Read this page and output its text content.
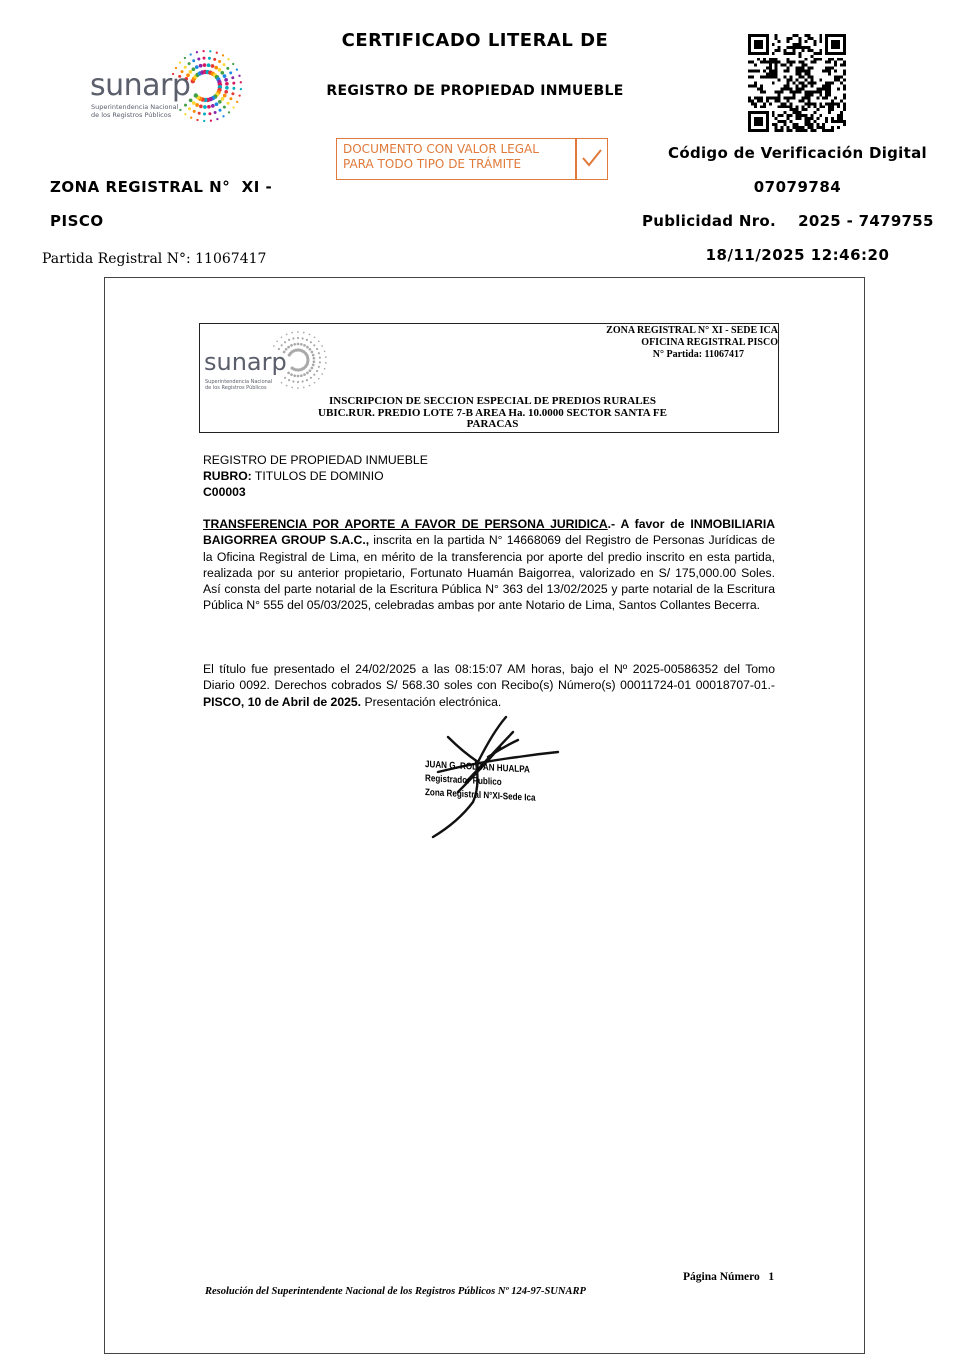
sunarp
Superintendencia Nacional
de los Registros Públicos
CERTIFICADO LITERAL DE
REGISTRO DE PROPIEDAD INMUEBLE
DOCUMENTO CON VALOR LEGAL
PARA TODO TIPO DE TRÁMITE
Código de Verificación Digital
07079784
Publicidad Nro. 2025 - 7479755
18/11/2025 12:46:20
ZONA REGISTRAL N°  XI -
PISCO
Partida Registral N°: 11067417
sunarp
Superintendencia Nacional
de los Registros Públicos
ZONA REGISTRAL N° XI - SEDE ICA
OFICINA REGISTRAL PISCO
N° Partida: 11067417
INSCRIPCION DE SECCION ESPECIAL DE PREDIOS RURALES
UBIC.RUR. PREDIO LOTE 7-B AREA Ha. 10.0000 SECTOR SANTA FE
PARACAS
REGISTRO DE PROPIEDAD INMUEBLE
RUBRO: TITULOS DE DOMINIO
C00003
TRANSFERENCIA POR APORTE A FAVOR DE PERSONA JURIDICA.- A favor de INMOBILIARIA BAIGORREA GROUP S.A.C., inscrita en la partida N° 14668069 del Registro de Personas Jurídicas de la Oficina Registral de Lima, en mérito de la transferencia por aporte del predio inscrito en esta partida, realizada por su anterior propietario, Fortunato Huamán Baigorrea, valorizado en S/ 175,000.00 Soles. Así consta del parte notarial de la Escritura Pública N° 363 del 13/02/2025 y parte notarial de la Escritura Pública N° 555 del 05/03/2025, celebradas ambas por ante Notario de Lima, Santos Collantes Becerra.
El título fue presentado el 24/02/2025 a las 08:15:07 AM horas, bajo el Nº 2025-00586352 del Tomo Diario 0092. Derechos cobrados S/ 568.30 soles con Recibo(s) Número(s) 00011724-01 00018707-01.- PISCO, 10 de Abril de 2025. Presentación electrónica.
JUAN G. ROLDAN HUALPA
Registrador Publico
Zona Registral N°XI-Sede Ica
Página Número 1
Resolución del Superintendente Nacional de los Registros Públicos Nº 124-97-SUNARP
